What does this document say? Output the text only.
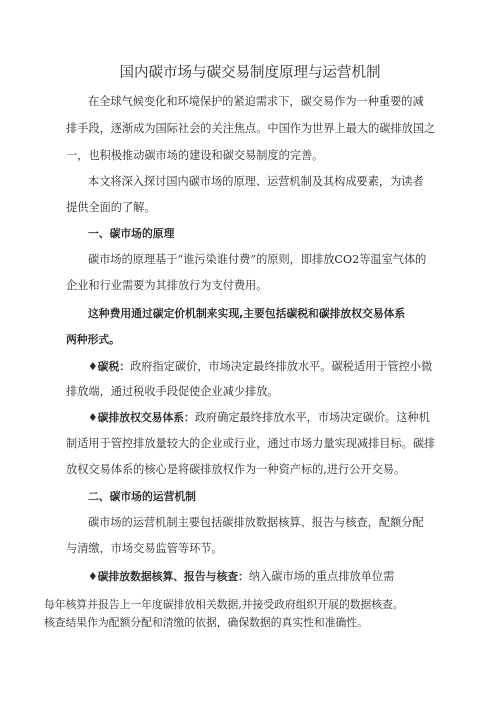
国内碳市场与碳交易制度原理与运营机制
在全球气候变化和环境保护的紧迫需求下，碳交易作为一种重要的减
排手段，逐渐成为国际社会的关注焦点。中国作为世界上最大的碳排放国之
一，也积极推动碳市场的建设和碳交易制度的完善。
本文将深入探讨国内碳市场的原理、运营机制及其构成要素，为读者
提供全面的了解。
一、碳市场的原理
碳市场的原理基于“谁污染谁付费”的原则，即排放CO2等温室气体的
企业和行业需要为其排放行为支付费用。
这种费用通过碳定价机制来实现,主要包括碳税和碳排放权交易体系
两种形式。
♦碳税：政府指定碳价，市场决定最终排放水平。碳税适用于管控小微
排放端，通过税收手段促使企业减少排放。
♦碳排放权交易体系：政府确定最终排放水平，市场决定碳价。这种机
制适用于管控排放量较大的企业或行业，通过市场力量实现减排目标。碳排
放权交易体系的核心是将碳排放权作为一种资产标的,进行公开交易。
二、碳市场的运营机制
碳市场的运营机制主要包括碳排放数据核算、报告与核查，配额分配
与清缴，市场交易监管等环节。
♦碳排放数据核算、报告与核查：纳入碳市场的重点排放单位需
每年核算并报告上一年度碳排放相关数据,并接受政府组织开展的数据核查。
核查结果作为配额分配和清缴的依据，确保数据的真实性和准确性。
